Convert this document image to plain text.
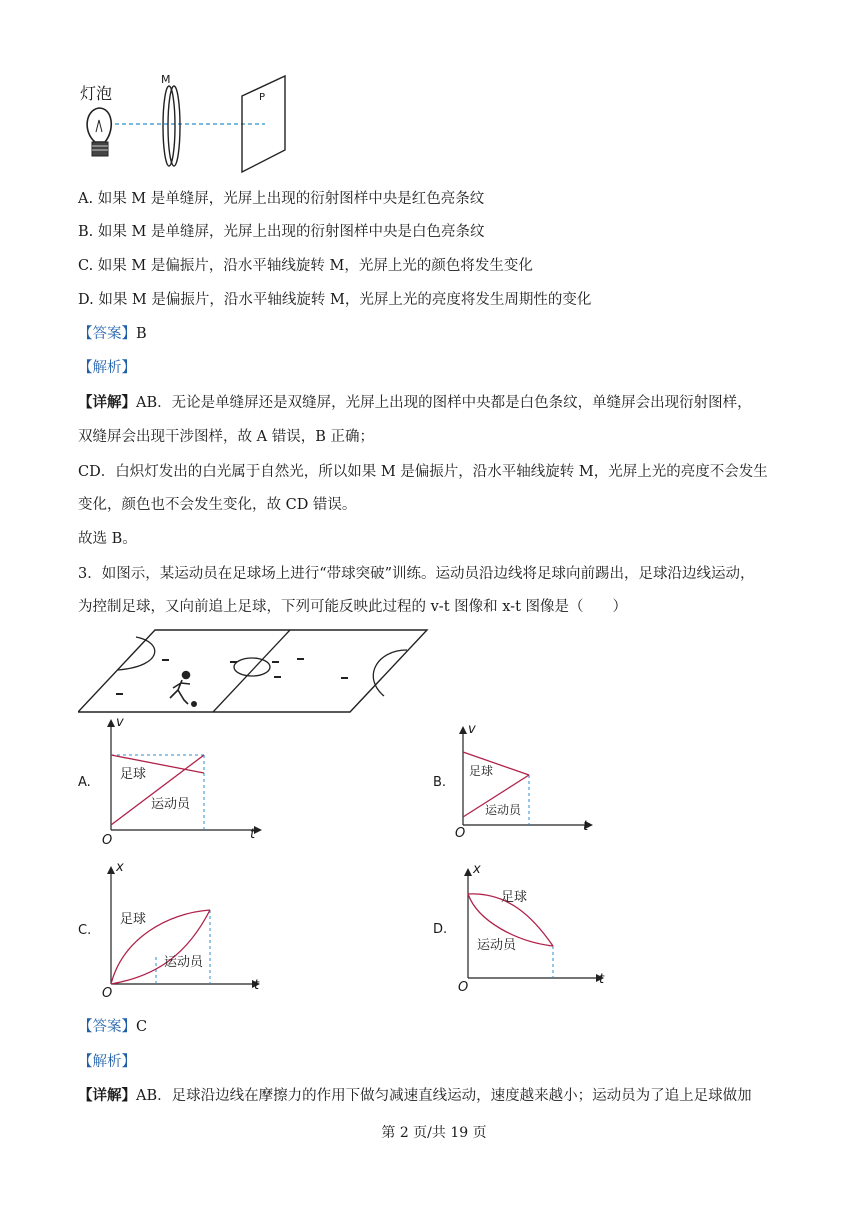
灯泡
M
P
A. 如果 M 是单缝屏，光屏上出现的衍射图样中央是红色亮条纹
B. 如果 M 是单缝屏，光屏上出现的衍射图样中央是白色亮条纹
C. 如果 M 是偏振片，沿水平轴线旋转 M，光屏上光的颜色将发生变化
D. 如果 M 是偏振片，沿水平轴线旋转 M，光屏上光的亮度将发生周期性的变化
【答案】B
【解析】
【详解】AB．无论是单缝屏还是双缝屏，光屏上出现的图样中央都是白色条纹，单缝屏会出现衍射图样，
双缝屏会出现干涉图样，故 A 错误，B 正确；
CD．白炽灯发出的白光属于自然光，所以如果 M 是偏振片，沿水平轴线旋转 M，光屏上光的亮度不会发生
变化，颜色也不会发生变化，故 CD 错误。
故选 B。
3．如图示，某运动员在足球场上进行“带球突破”训练。运动员沿边线将足球向前踢出，足球沿边线运动，
为控制足球，又向前追上足球，下列可能反映此过程的 v-t 图像和 x-t 图像是（　　）
A.
v
t
O
足球
运动员
B.
v
t
O
足球
运动员
C.
x
t
O
足球
运动员
D.
x
t
O
足球
运动员
【答案】C
【解析】
【详解】AB．足球沿边线在摩擦力的作用下做匀减速直线运动，速度越来越小；运动员为了追上足球做加
第 2 页/共 19 页
